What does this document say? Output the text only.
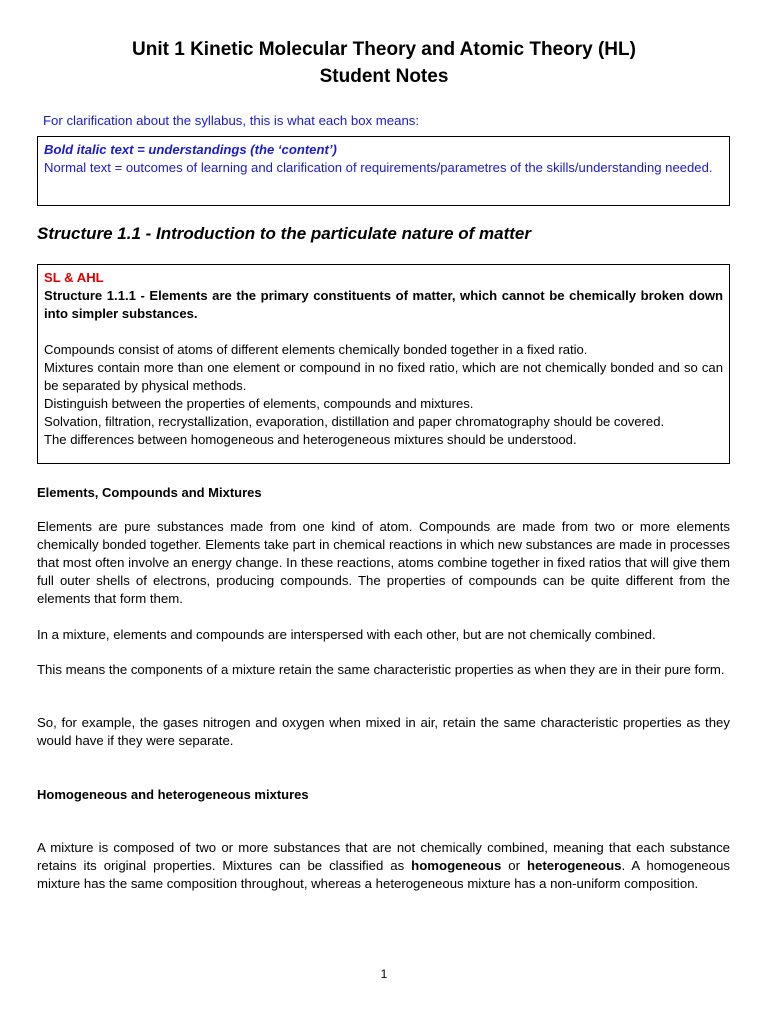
Unit 1 Kinetic Molecular Theory and Atomic Theory (HL)
Student Notes
For clarification about the syllabus, this is what each box means:
Bold italic text = understandings (the ‘content’)
Normal text = outcomes of learning and clarification of requirements/parametres of the skills/understanding needed.
Structure 1.1 - Introduction to the particulate nature of matter
SL & AHL
Structure 1.1.1 - Elements are the primary constituents of matter, which cannot be chemically broken down into simpler substances.
Compounds consist of atoms of different elements chemically bonded together in a fixed ratio.
Mixtures contain more than one element or compound in no fixed ratio, which are not chemically bonded and so can be separated by physical methods.
Distinguish between the properties of elements, compounds and mixtures.
Solvation, filtration, recrystallization, evaporation, distillation and paper chromatography should be covered.
The differences between homogeneous and heterogeneous mixtures should be understood.
Elements, Compounds and Mixtures
Elements are pure substances made from one kind of atom. Compounds are made from two or more elements chemically bonded together. Elements take part in chemical reactions in which new substances are made in processes that most often involve an energy change. In these reactions, atoms combine together in fixed ratios that will give them full outer shells of electrons, producing compounds. The properties of compounds can be quite different from the elements that form them.
In a mixture, elements and compounds are interspersed with each other, but are not chemically combined.
This means the components of a mixture retain the same characteristic properties as when they are in their pure form.
So, for example, the gases nitrogen and oxygen when mixed in air, retain the same characteristic properties as they would have if they were separate.
Homogeneous and heterogeneous mixtures
A mixture is composed of two or more substances that are not chemically combined, meaning that each substance retains its original properties. Mixtures can be classified as homogeneous or heterogeneous. A homogeneous mixture has the same composition throughout, whereas a heterogeneous mixture has a non-uniform composition.
1
